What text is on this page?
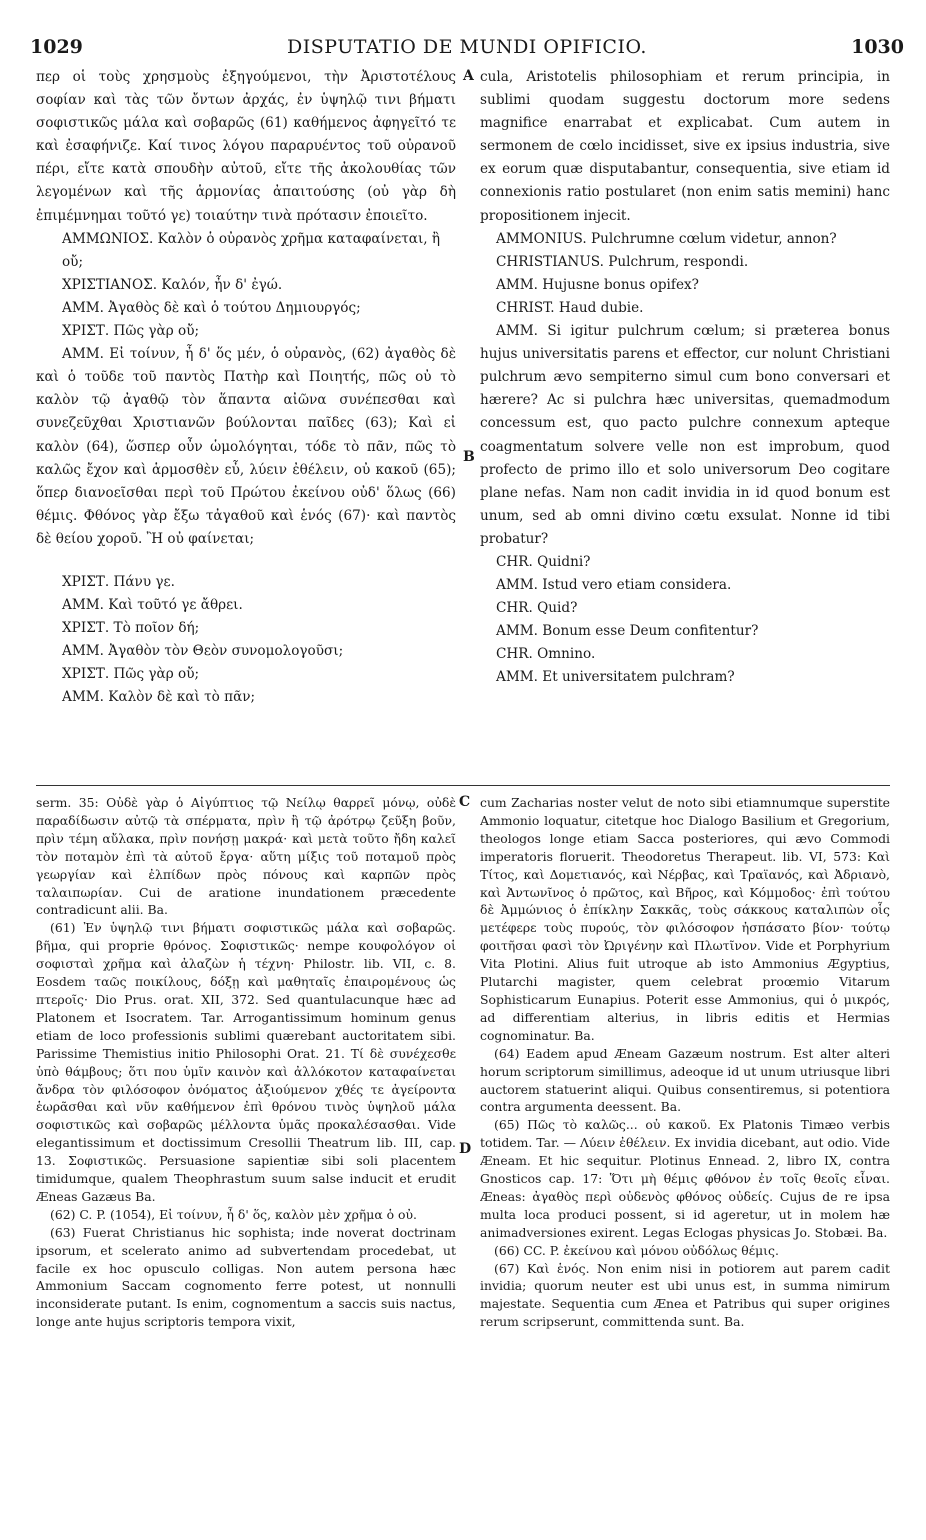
1029	DISPUTATIO DE MUNDI OPIFICIO.	1030

περ οἱ τοὺς χρησμοὺς ἐξηγούμενοι, τὴν Ἀριστοτέλους σοφίαν καὶ τὰς τῶν ὄντων ἀρχάς, ἐν ὑψηλῷ τινι βήματι σοφιστικῶς μάλα καὶ σοβαρῶς (61) καθήμενος ἀφηγεῖτό τε καὶ ἐσαφήνιζε. Καί τινος λόγου παραρυέντος τοῦ οὐρανοῦ πέρι, εἴτε κατὰ σπουδὴν αὐτοῦ, εἴτε τῆς ἀκολουθίας τῶν λεγομένων καὶ τῆς ἁρμονίας ἀπαιτούσης (οὐ γὰρ δὴ ἐπιμέμνημαι τοῦτό γε) τοιαύτην τινὰ πρότασιν ἐποιεῖτο.

ΑΜΜΩΝΙΟΣ. Καλὸν ὁ οὐρανὸς χρῆμα καταφαίνεται, ἢ οὔ;

ΧΡΙΣΤΙΑΝΟΣ. Καλόν, ἦν δ' ἐγώ.

ΑΜΜ. Ἀγαθὸς δὲ καὶ ὁ τούτου Δημιουργός;

ΧΡΙΣΤ. Πῶς γὰρ οὔ;

ΑΜΜ. Εἰ τοίνυν, ἦ δ' ὅς μέν, ὁ οὐρανὸς, (62) ἀγαθὸς δὲ καὶ ὁ τοῦδε τοῦ παντὸς Πατὴρ καὶ Ποιητής, πῶς οὐ τὸ καλὸν τῷ ἀγαθῷ τὸν ἅπαντα αἰῶνα συνέπεσθαι καὶ συνεζεῦχθαι Χριστιανῶν βούλονται παῖδες (63); Καὶ εἰ καλὸν (64), ὥσπερ οὖν ὡμολόγηται, τόδε τὸ πᾶν, πῶς τὸ καλῶς ἔχον καὶ ἁρμοσθὲν εὖ, λύειν ἐθέλειν, οὐ κακοῦ (65); ὅπερ διανοεῖσθαι περὶ τοῦ Πρώτου ἐκείνου οὐδ' ὅλως (66) θέμις. Φθόνος γὰρ ἔξω τἀγαθοῦ καὶ ἑνός (67)· καὶ παντὸς δὲ θείου χοροῦ. Ἢ οὐ φαίνεται;

ΧΡΙΣΤ. Πάνυ γε.

ΑΜΜ. Καὶ τοῦτό γε ἄθρει.

ΧΡΙΣΤ. Τὸ ποῖον δή;

ΑΜΜ. Ἀγαθὸν τὸν Θεὸν συνομολογοῦσι;

ΧΡΙΣΤ. Πῶς γὰρ οὔ;

ΑΜΜ. Καλὸν δὲ καὶ τὸ πᾶν;

cula, Aristotelis philosophiam et rerum principia, in sublimi quodam suggestu doctorum more sedens magnifice enarrabat et explicabat. Cum autem in sermonem de cœlo incidisset, sive ex ipsius industria, sive ex eorum quæ disputabantur, consequentia, sive etiam id connexionis ratio postularet (non enim satis memini) hanc propositionem injecit.

AMMONIUS. Pulchrumne cœlum videtur, annon?

CHRISTIANUS. Pulchrum, respondi.

AMM. Hujusne bonus opifex?

CHRIST. Haud dubie.

AMM. Si igitur pulchrum cœlum; si præterea bonus hujus universitatis parens et effector, cur nolunt Christiani pulchrum ævo sempiterno simul cum bono conversari et hærere? Ac si pulchra hæc universitas, quemadmodum concessum est, quo pacto pulchre connexum apteque coagmentatum solvere velle non est improbum, quod profecto de primo illo et solo universorum Deo cogitare plane nefas. Nam non cadit invidia in id quod bonum est unum, sed ab omni divino cœtu exsulat. Nonne id tibi probatur?

CHR. Quidni?

AMM. Istud vero etiam considera.

CHR. Quid?

AMM. Bonum esse Deum confitentur?

CHR. Omnino.

AMM. Et universitatem pulchram?

serm. 35: Οὐδὲ γὰρ ὁ Αἰγύπτιος τῷ Νείλῳ θαρρεῖ μόνῳ, οὐδὲ παραδίδωσιν αὐτῷ τὰ σπέρματα, πρὶν ἢ τῷ ἀρότρῳ ζεῦξη βοῦν, πρὶν τέμη αὔλακα, πρὶν πονήσῃ μακρά· καὶ μετὰ τοῦτο ἤδη καλεῖ τὸν ποταμὸν ἐπὶ τὰ αὐτοῦ ἔργα· αὕτη μίξις τοῦ ποταμοῦ πρὸς γεωργίαν καὶ ἐλπίδων πρὸς πόνους καὶ καρπῶν πρὸς ταλαιπωρίαν. Cui de aratione inundationem præcedente contradicunt alii. Ba.

(61) Ἐν ὑψηλῷ τινι βήματι σοφιστικῶς μάλα καὶ σοβαρῶς. βῆμα, qui proprie θρόνος. Σοφιστικῶς· nempe κουφολόγον οἱ σοφισταὶ χρῆμα καὶ ἀλαζὼν ἡ τέχνη· Philostr. lib. VII, c. 8. Eosdem ταῶς ποικίλους, δόξῃ καὶ μαθηταῖς ἐπαιρομένους ὡς πτεροῖς· Dio Prus. orat. XII, 372. Sed quantulacunque hæc ad Platonem et Isocratem. Tar. Arrogantissimum hominum genus etiam de loco professionis sublimi quærebant auctoritatem sibi. Parissime Themistius initio Philosophi Orat. 21. Τί δὲ συνέχεσθε ὑπὸ θάμβους; ὅτι που ὑμῖν καινὸν καὶ ἀλλόκοτον καταφαίνεται ἄνδρα τὸν φιλόσοφον ὀνόματος ἀξιούμενον χθές τε ἀγείροντα ἑωρᾶσθαι καὶ νῦν καθήμενον ἐπὶ θρόνου τινὸς ὑψηλοῦ μάλα σοφιστικῶς καὶ σοβαρῶς μέλλοντα ὑμᾶς προκαλέσασθαι. Vide elegantissimum et doctissimum Cresollii Theatrum lib. III, cap. 13. Σοφιστικῶς. Persuasione sapientiæ sibi soli placentem timidumque, qualem Theophrastum suum salse inducit et erudit Æneas Gazæus Ba.

(62) C. P. (1054), Εἰ τοίνυν, ἦ δ' ὅς, καλὸν μὲν χρῆμα ὁ οὐ.

(63) Fuerat Christianus hic sophista; inde noverat doctrinam ipsorum, et scelerato animo ad subvertendam procedebat, ut facile ex hoc opusculo colligas. Non autem persona hæc Ammonium Saccam cognomento ferre potest, ut nonnulli inconsiderate putant. Is enim, cognomentum a saccis suis nactus, longe ante hujus scriptoris tempora vixit,

cum Zacharias noster velut de noto sibi etiamnumque superstite Ammonio loquatur, citetque hoc Dialogo Basilium et Gregorium, theologos longe etiam Sacca posteriores, qui ævo Commodi imperatoris floruerit. Theodoretus Therapeut. lib. VI, 573: Καὶ Τίτος, καὶ Δομετιανός, καὶ Νέρβας, καὶ Τραϊανός, καὶ Ἀδριανὸ, καὶ Ἀντωνῖνος ὁ πρῶτος, καὶ Βῆρος, καὶ Κόμμοδος· ἐπὶ τούτου δὲ Ἀμμώνιος ὁ ἐπίκλην Σακκᾶς, τοὺς σάκκους καταλιπὼν οἷς μετέφερε τοὺς πυρούς, τὸν φιλόσοφον ἠσπάσατο βίον· τούτῳ φοιτῆσαι φασὶ τὸν Ὠριγένην καὶ Πλωτῖνον. Vide et Porphyrium Vita Plotini. Alius fuit utroque ab isto Ammonius Ægyptius, Plutarchi magister, quem celebrat proœmio Vitarum Sophisticarum Eunapius. Poterit esse Ammonius, qui ὁ μικρός, ad differentiam alterius, in libris editis et Hermias cognominatur. Ba.

(64) Eadem apud Æneam Gazæum nostrum. Est alter alteri horum scriptorum simillimus, adeoque id ut unum utriusque libri auctorem statuerint aliqui. Quibus consentiremus, si potentiora contra argumenta deessent. Ba.

(65) Πῶς τὸ καλῶς... οὐ κακοῦ. Ex Platonis Timæo verbis totidem. Tar. — Λύειν ἐθέλειν. Ex invidia dicebant, aut odio. Vide Æneam. Et hic sequitur. Plotinus Ennead. 2, libro IX, contra Gnosticos cap. 17: Ὅτι μὴ θέμις φθόνον ἐν τοῖς θεοῖς εἶναι. Æneas: ἀγαθὸς περὶ οὐδενὸς φθόνος οὐδείς. Cujus de re ipsa multa loca produci possent, si id ageretur, ut in molem hæ animadversiones exirent. Legas Eclogas physicas Jo. Stobæi. Ba.

(66) CC. P. ἐκείνου καὶ μόνου οὐδόλως θέμις.

(67) Καὶ ἑνός. Non enim nisi in potiorem aut parem cadit invidia; quorum neuter est ubi unus est, in summa nimirum majestate. Sequentia cum Ænea et Patribus qui super origines rerum scripserunt, committenda sunt. Ba.

A
B
C
D
